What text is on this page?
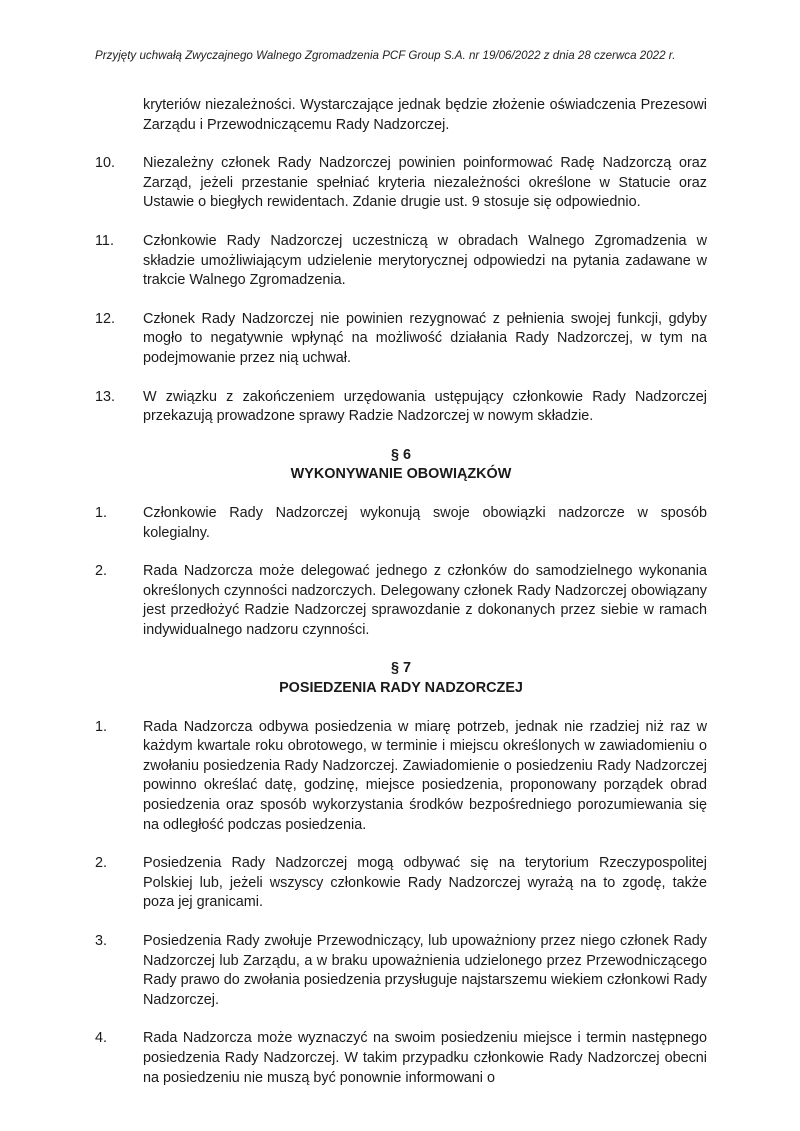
Przyjęty uchwałą Zwyczajnego Walnego Zgromadzenia PCF Group S.A. nr 19/06/2022 z dnia 28 czerwca 2022 r.
kryteriów niezależności. Wystarczające jednak będzie złożenie oświadczenia Prezesowi Zarządu i Przewodniczącemu Rady Nadzorczej.
10.	Niezależny członek Rady Nadzorczej powinien poinformować Radę Nadzorczą oraz Zarząd, jeżeli przestanie spełniać kryteria niezależności określone w Statucie oraz Ustawie o biegłych rewidentach. Zdanie drugie ust. 9 stosuje się odpowiednio.
11.	Członkowie Rady Nadzorczej uczestniczą w obradach Walnego Zgromadzenia w składzie umożliwiającym udzielenie merytorycznej odpowiedzi na pytania zadawane w trakcie Walnego Zgromadzenia.
12.	Członek Rady Nadzorczej nie powinien rezygnować z pełnienia swojej funkcji, gdyby mogło to negatywnie wpłynąć na możliwość działania Rady Nadzorczej, w tym na podejmowanie przez nią uchwał.
13.	W związku z zakończeniem urzędowania ustępujący członkowie Rady Nadzorczej przekazują prowadzone sprawy Radzie Nadzorczej w nowym składzie.
§ 6
WYKONYWANIE OBOWIĄZKÓW
1.	Członkowie Rady Nadzorczej wykonują swoje obowiązki nadzorcze w sposób kolegialny.
2.	Rada Nadzorcza może delegować jednego z członków do samodzielnego wykonania określonych czynności nadzorczych. Delegowany członek Rady Nadzorczej obowiązany jest przedłożyć Radzie Nadzorczej sprawozdanie z dokonanych przez siebie w ramach indywidualnego nadzoru czynności.
§ 7
POSIEDZENIA RADY NADZORCZEJ
1.	Rada Nadzorcza odbywa posiedzenia w miarę potrzeb, jednak nie rzadziej niż raz w każdym kwartale roku obrotowego, w terminie i miejscu określonych w zawiadomieniu o zwołaniu posiedzenia Rady Nadzorczej. Zawiadomienie o posiedzeniu Rady Nadzorczej powinno określać datę, godzinę, miejsce posiedzenia, proponowany porządek obrad posiedzenia oraz sposób wykorzystania środków bezpośredniego porozumiewania się na odległość podczas posiedzenia.
2.	Posiedzenia Rady Nadzorczej mogą odbywać się na terytorium Rzeczypospolitej Polskiej lub, jeżeli wszyscy członkowie Rady Nadzorczej wyrażą na to zgodę, także poza jej granicami.
3.	Posiedzenia Rady zwołuje Przewodniczący, lub upoważniony przez niego członek Rady Nadzorczej lub Zarządu, a w braku upoważnienia udzielonego przez Przewodniczącego Rady prawo do zwołania posiedzenia przysługuje najstarszemu wiekiem członkowi Rady Nadzorczej.
4.	Rada Nadzorcza może wyznaczyć na swoim posiedzeniu miejsce i termin następnego posiedzenia Rady Nadzorczej. W takim przypadku członkowie Rady Nadzorczej obecni na posiedzeniu nie muszą być ponownie informowani o
